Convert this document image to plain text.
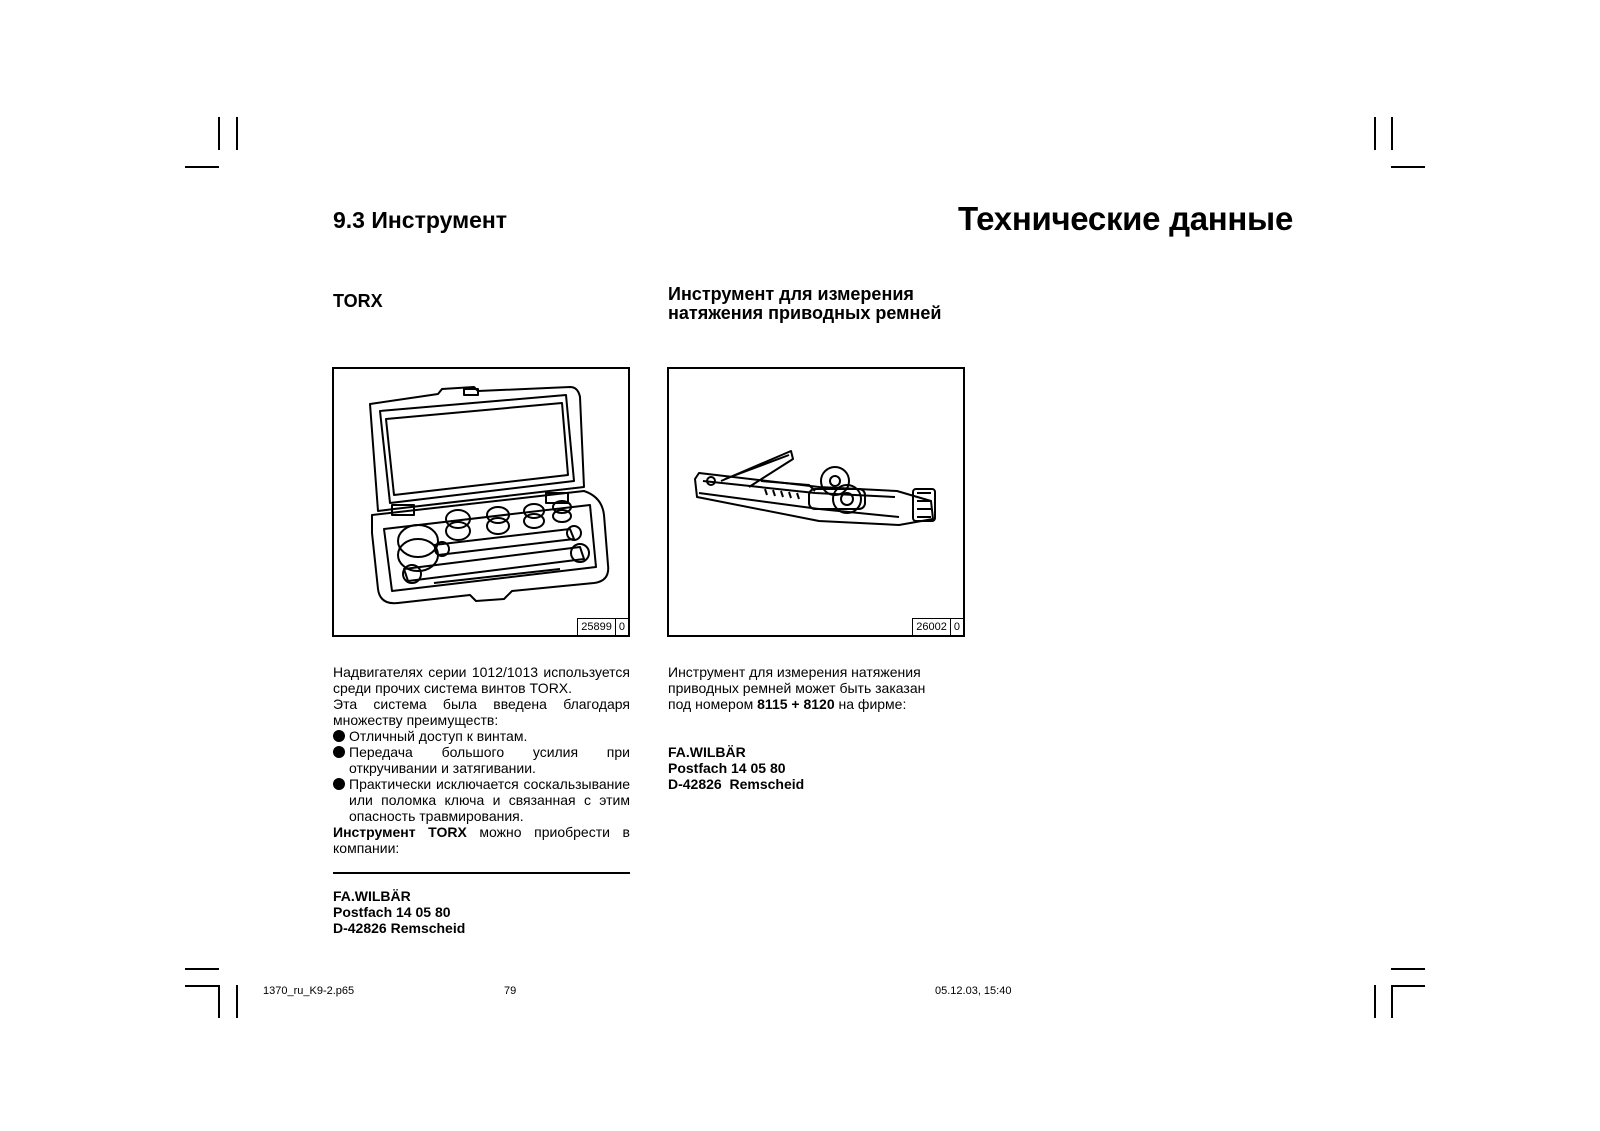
9.3 Инструмент	Технические данные
TORX
25899 0

Надвигателях серии 1012/1013 используется среди прочих система винтов TORX.

Эта система была введена благодаря множеству преимуществ:

Отличный доступ к винтам.
Передача большого усилия при откручивании и затягивании.
Практически исключается соскальзывание или поломка ключа и связанная с этим опасность травмирования.

Инструмент TORX можно приобрести в компании:

FA.WILBÄR
Postfach 14 05 80
D-42826 Remscheid
Инструмент для измерения
натяжения приводных ремней
26002 0
Инструмент для измерения натяжения приводных ремней может быть заказан под номером 8115 + 8120 на фирме:
FA.WILBÄR
Postfach 14 05 80
D-42826  Remscheid
1370_ru_K9-2.p65	79	05.12.03, 15:40
